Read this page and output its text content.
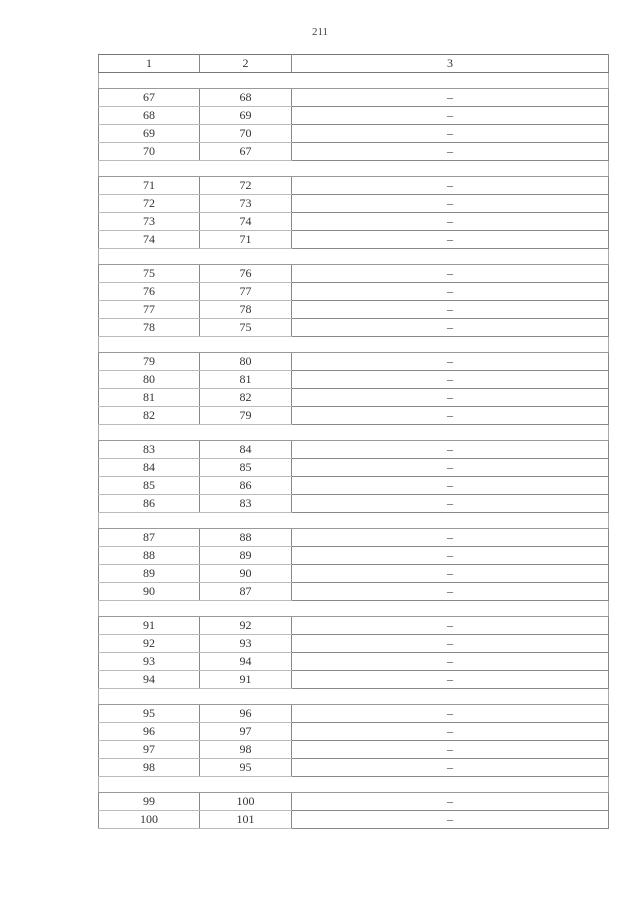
211
1	2	3

67	68	–
68	69	–
69	70	–
70	67	–

71	72	–
72	73	–
73	74	–
74	71	–

75	76	–
76	77	–
77	78	–
78	75	–

79	80	–
80	81	–
81	82	–
82	79	–

83	84	–
84	85	–
85	86	–
86	83	–

87	88	–
88	89	–
89	90	–
90	87	–

91	92	–
92	93	–
93	94	–
94	91	–

95	96	–
96	97	–
97	98	–
98	95	–

99	100	–
100	101	–
